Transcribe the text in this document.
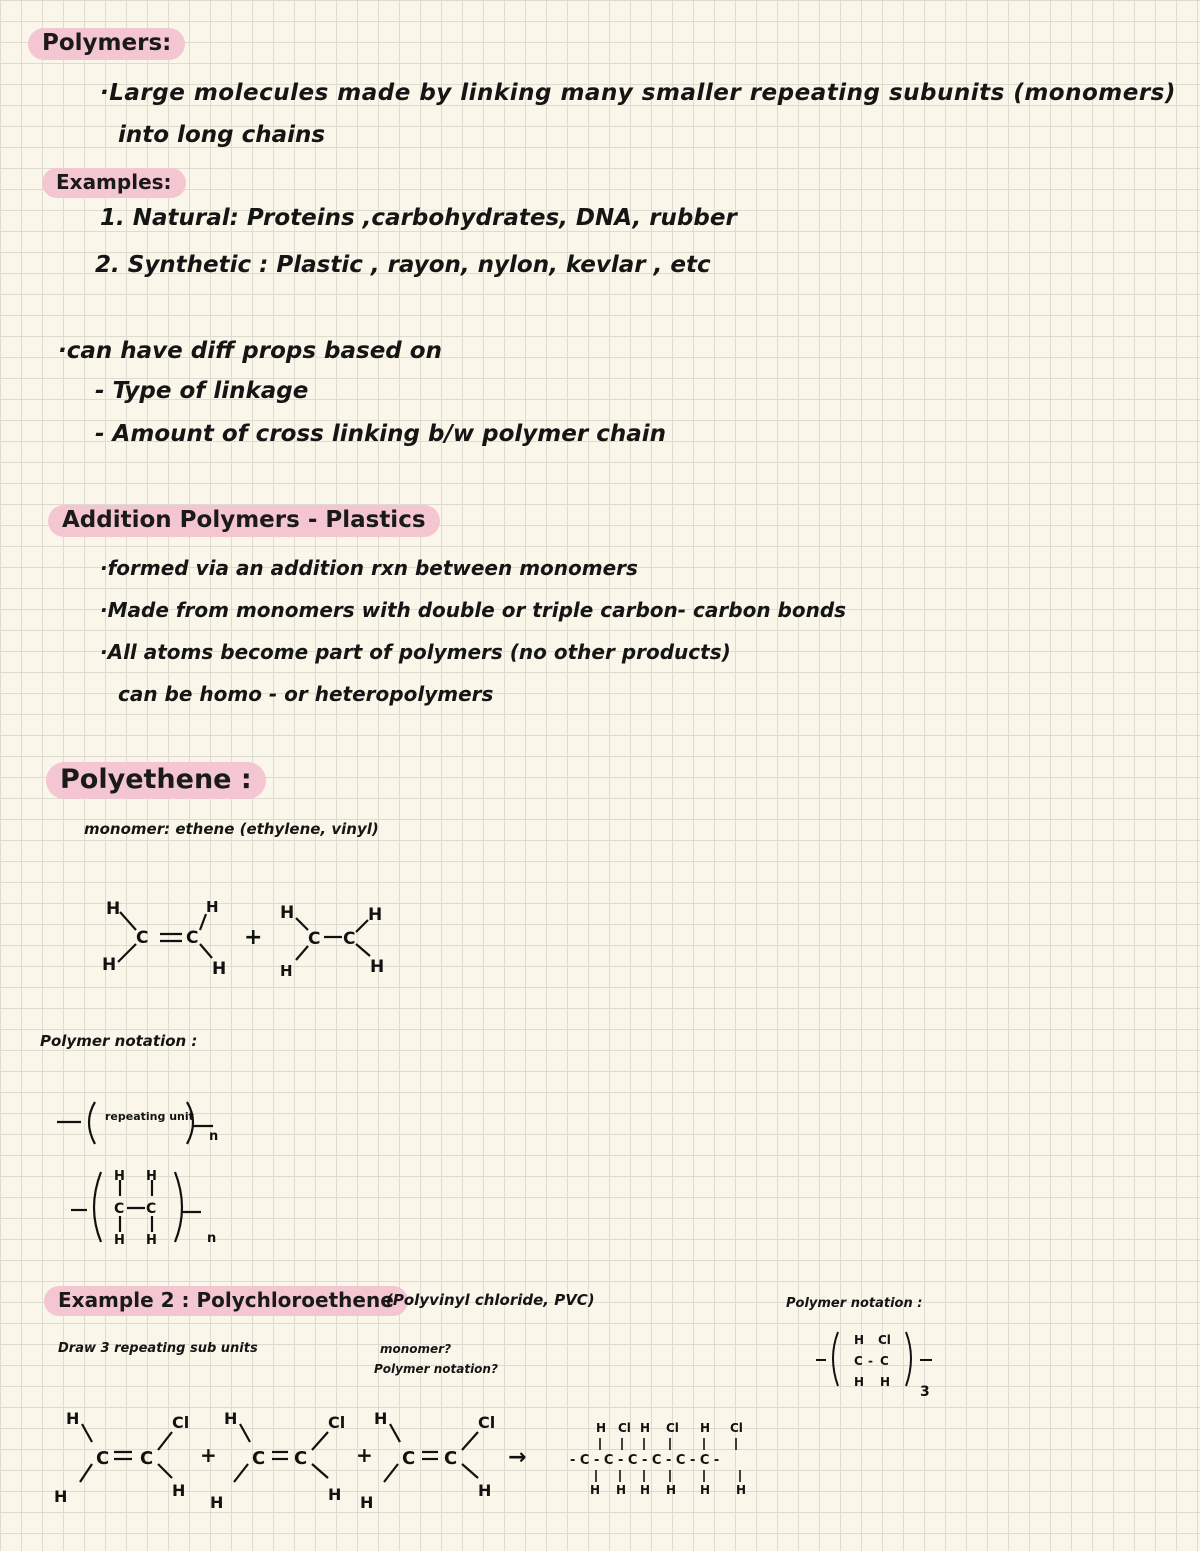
Polymers:
·Large molecules made by linking many smaller repeating subunits (monomers)
into long chains
Examples:
1. Natural: Proteins ,carbohydrates, DNA, rubber
2. Synthetic : Plastic , rayon, nylon, kevlar , etc
·can have diff props based on
- Type of linkage
- Amount of cross linking b/w polymer chain
Addition Polymers - Plastics
·formed via an addition rxn between monomers
·Made from monomers with double or triple carbon- carbon bonds
·All atoms become part of polymers (no other products)
can be homo - or heteropolymers
Polyethene :
monomer: ethene (ethylene, vinyl)
H
H
C C
H
H
+
H
H
C C
H
H
Polymer notation :
repeating unit
n
H H
C C
H H	n
Example 2 : Polychloroethene
(Polyvinyl chloride, PVC)	Polymer notation :
Draw 3 repeating sub units	monomer?
Polymer notation?
H Cl
C - C
H H
3
H
H
C C
Cl
H
+
H
H
C C
Cl
H
+
H
H
C C
Cl
H
→
H Cl H Cl H Cl
- C - C - C - C - C - C -
H H H H H H
